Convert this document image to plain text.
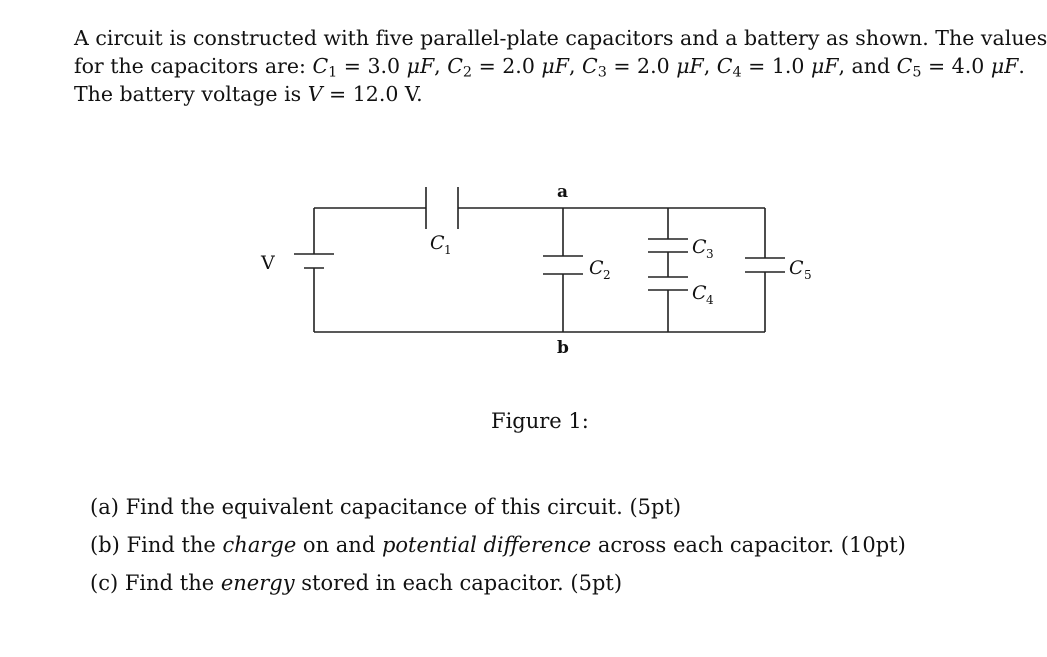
A circuit is constructed with five parallel-plate capacitors and a battery as shown. The values
for the capacitors are: $C_1 = 3.0$ μF, $C_2 = 2.0$ μF, $C_3 = 2.0$ μF, $C_4 = 1.0$ μF, and $C_5 = 4.0$ μF.
The battery voltage is V = 12.0 V.
V
C 1
C 2
C 3
C 4
C 5
a
b
Figure 1:
(a) Find the equivalent capacitance of this circuit. (5pt)
(b) Find the charge on and potential difference across each capacitor. (10pt)
(c) Find the energy stored in each capacitor. (5pt)
